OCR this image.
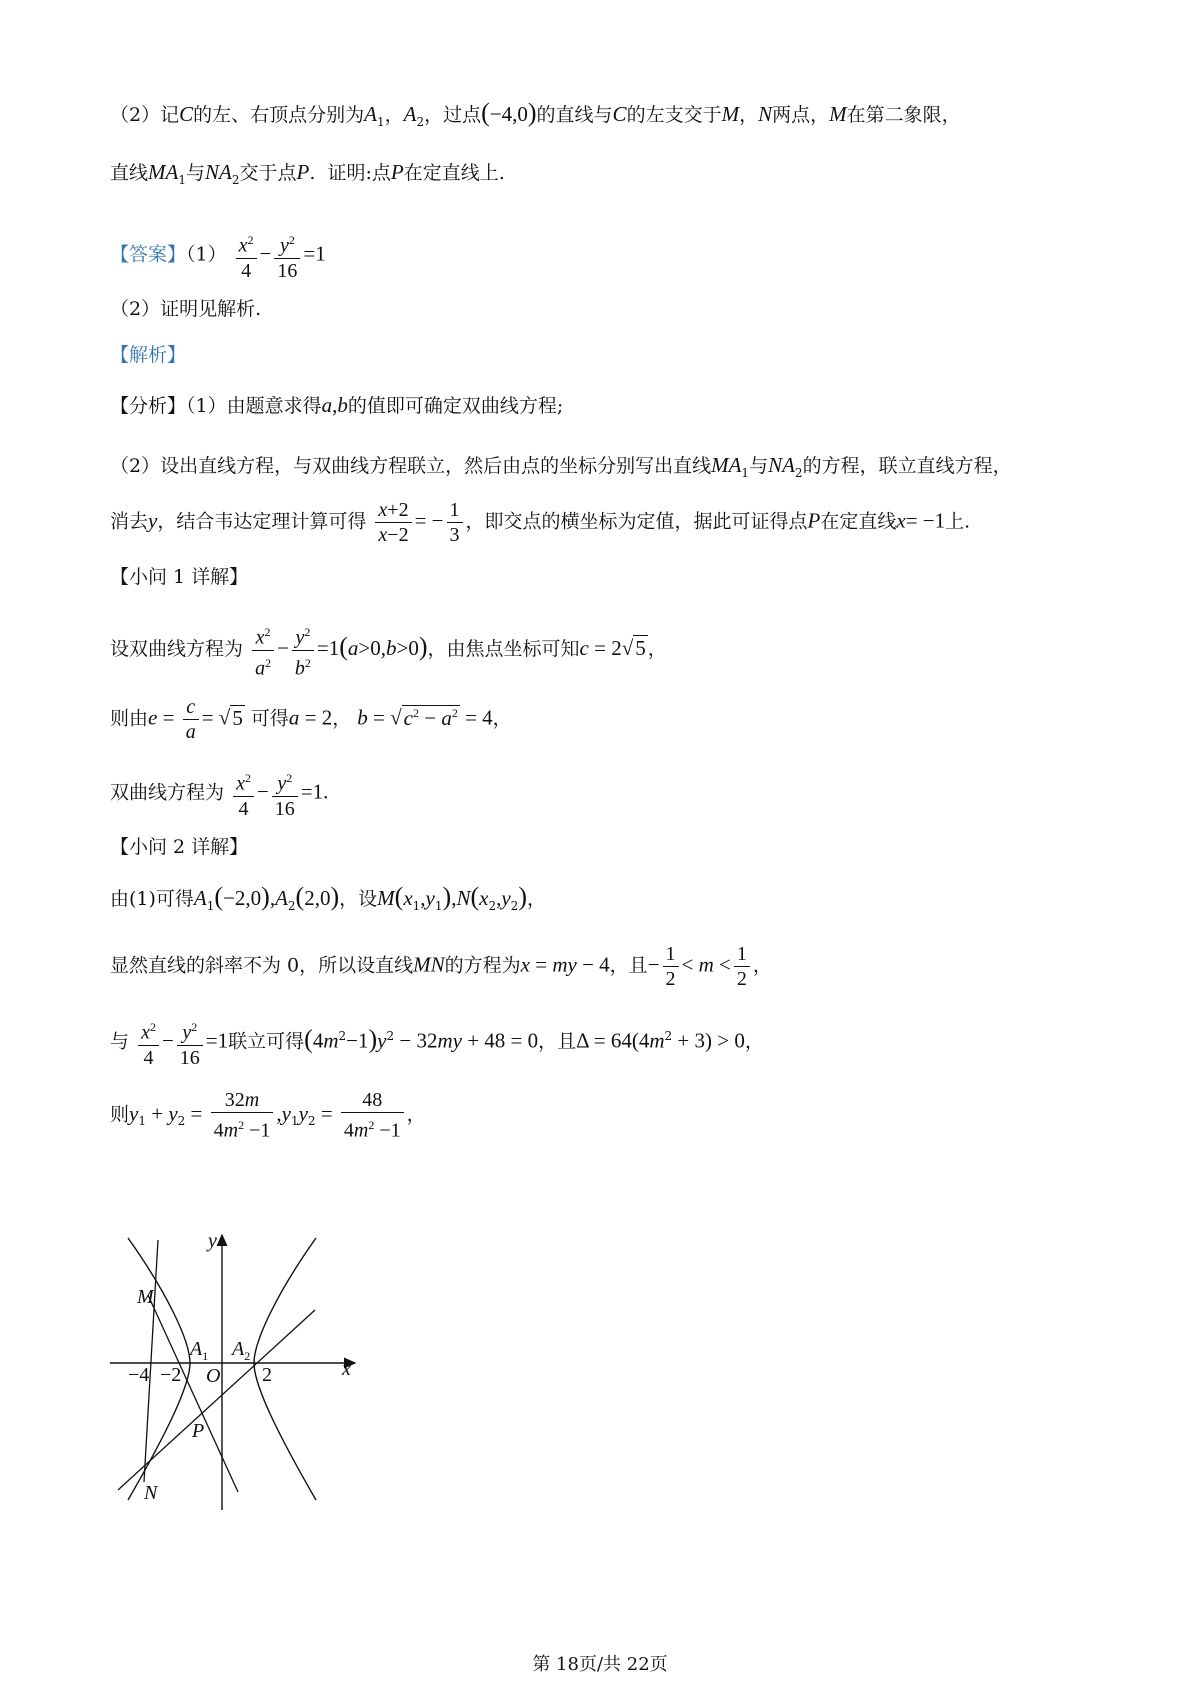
（2）记C的左、右顶点分别为$A_1$，$A_2$，过点(−4,0)的直线与C的左支交于M，N两点，M在第二象限，
直线$MA_1$与$NA_2$交于点P.  证明:点P在定直线上.
【答案】$(1) \frac{x^2}{4} - \frac{y^2}{16} =1$
（2）证明见解析.
【解析】
【分析】（1）由题意求得a,b的值即可确定双曲线方程;
（2）设出直线方程，与双曲线方程联立，然后由点的坐标分别写出直线$MA_1$与$NA_2$的方程，联立直线方程，
消去y，结合韦达定理计算可得 $\frac{x+2}{x-2}$ = − $\frac{1}{3}$ ，即交点的横坐标为定值，据此可证得点P在定直线x= −1上.
【小问 1 详解】
设双曲线方程为 $\frac{x^2}{a^2} - \frac{y^2}{b^2} =1(a>0,b>0)$，由焦点坐标可知c = 2√5 ，
则由$e = \frac{c}{a} = √5$ 可得a = 2， $b = √c^2 - a^2 = 4$，
双曲线方程为 $\frac{x^2}{4} - \frac{y^2}{16} =1$.
【小问 2 详解】
由(1)可得$A_1(-2,0),A_2(2,0)$，设$M(x_1,y_1),N(x_2,y_2)$，
显然直线的斜率不为 0，所以设直线MN的方程为x = my − 4，且− $\frac{1}{2} < m < \frac{1}{2}$ ，
与 $\frac{x^2}{4} - \frac{y^2}{16} =1$联立可得$(4m^2-1)y^2 - 32my + 48 = 0$，且$\Delta = 64(4m^2 + 3) > 0$，
则$y_1 + y_2 = \frac{32m}{4m^2 -1} ,y_1y_2 = \frac{48}{4m^2 -1}$ ，
y
x
M
N
P
O
$A_1$ $A_2$
−4 −2	2
第 18页/共 22页
